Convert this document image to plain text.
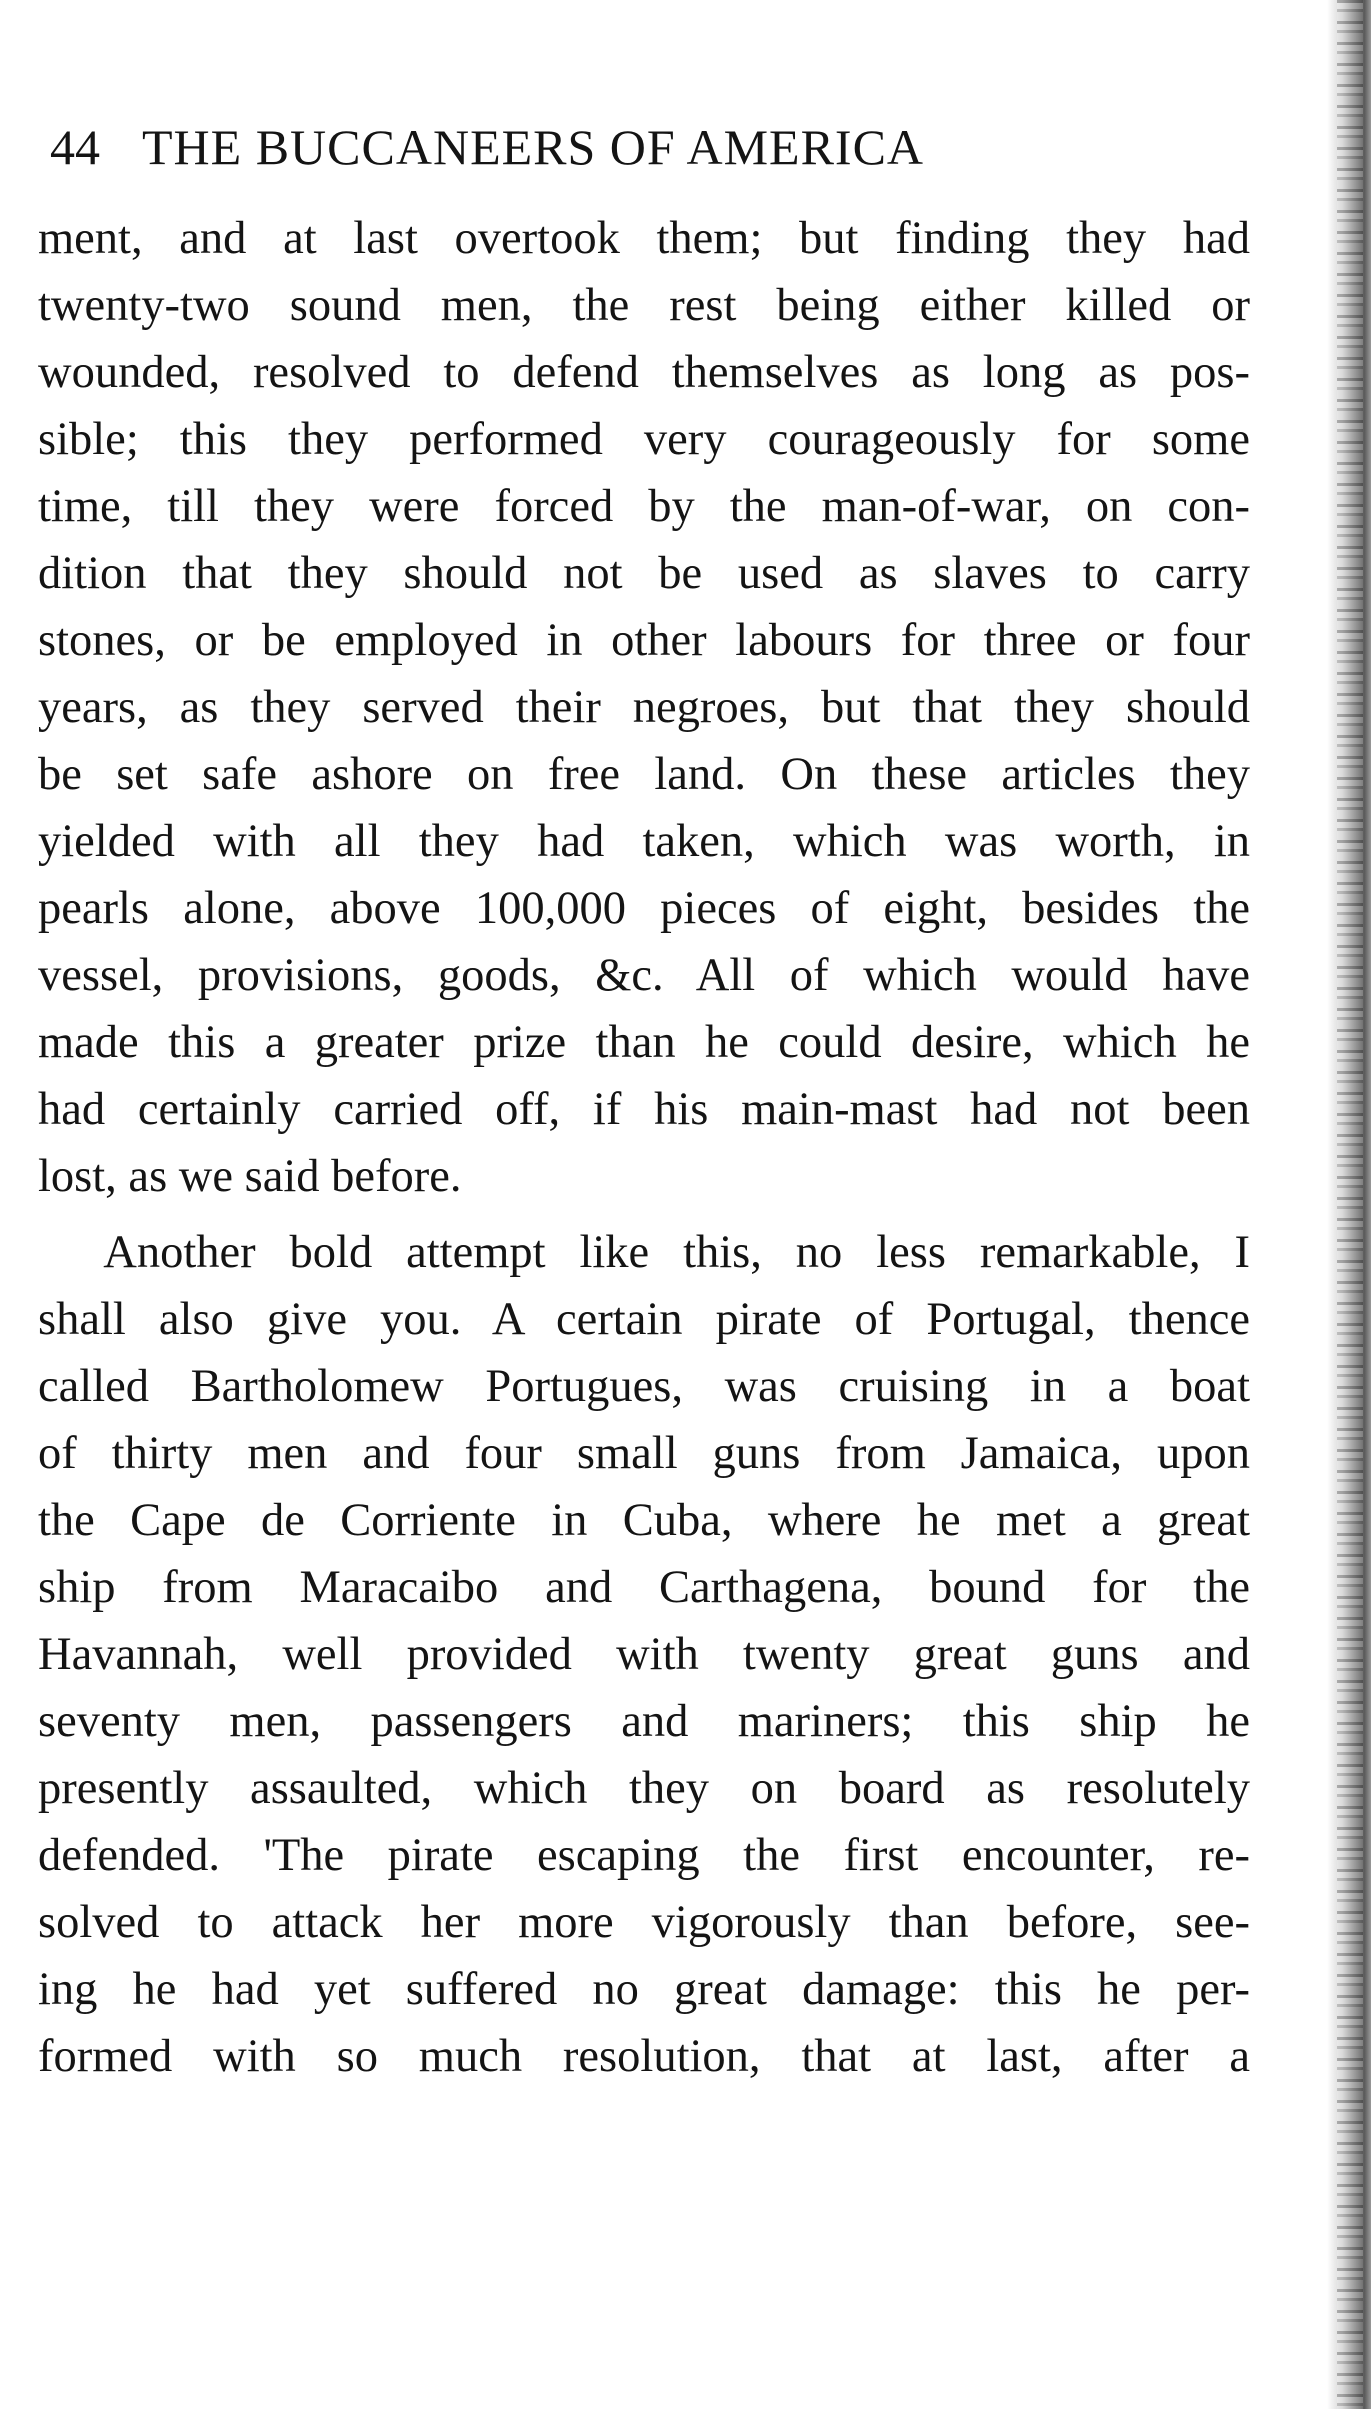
44 THE BUCCANEERS OF AMERICA
ment, and at last overtook them; but finding they had
twenty-two sound men, the rest being either killed or
wounded, resolved to defend themselves as long as pos-
sible; this they performed very courageously for some
time, till they were forced by the man-of-war, on con-
dition that they should not be used as slaves to carry
stones, or be employed in other labours for three or four
years, as they served their negroes, but that they should
be set safe ashore on free land. On these articles they
yielded with all they had taken, which was worth, in
pearls alone, above 100,000 pieces of eight, besides the
vessel, provisions, goods, &c. All of which would have
made this a greater prize than he could desire, which he
had certainly carried off, if his main-mast had not been
lost, as we said before.
Another bold attempt like this, no less remarkable, I
shall also give you. A certain pirate of Portugal, thence
called Bartholomew Portugues, was cruising in a boat
of thirty men and four small guns from Jamaica, upon
the Cape de Corriente in Cuba, where he met a great
ship from Maracaibo and Carthagena, bound for the
Havannah, well provided with twenty great guns and
seventy men, passengers and mariners; this ship he
presently assaulted, which they on board as resolutely
defended. 'The pirate escaping the first encounter, re-
solved to attack her more vigorously than before, see-
ing he had yet suffered no great damage: this he per-
formed with so much resolution, that at last, after a
